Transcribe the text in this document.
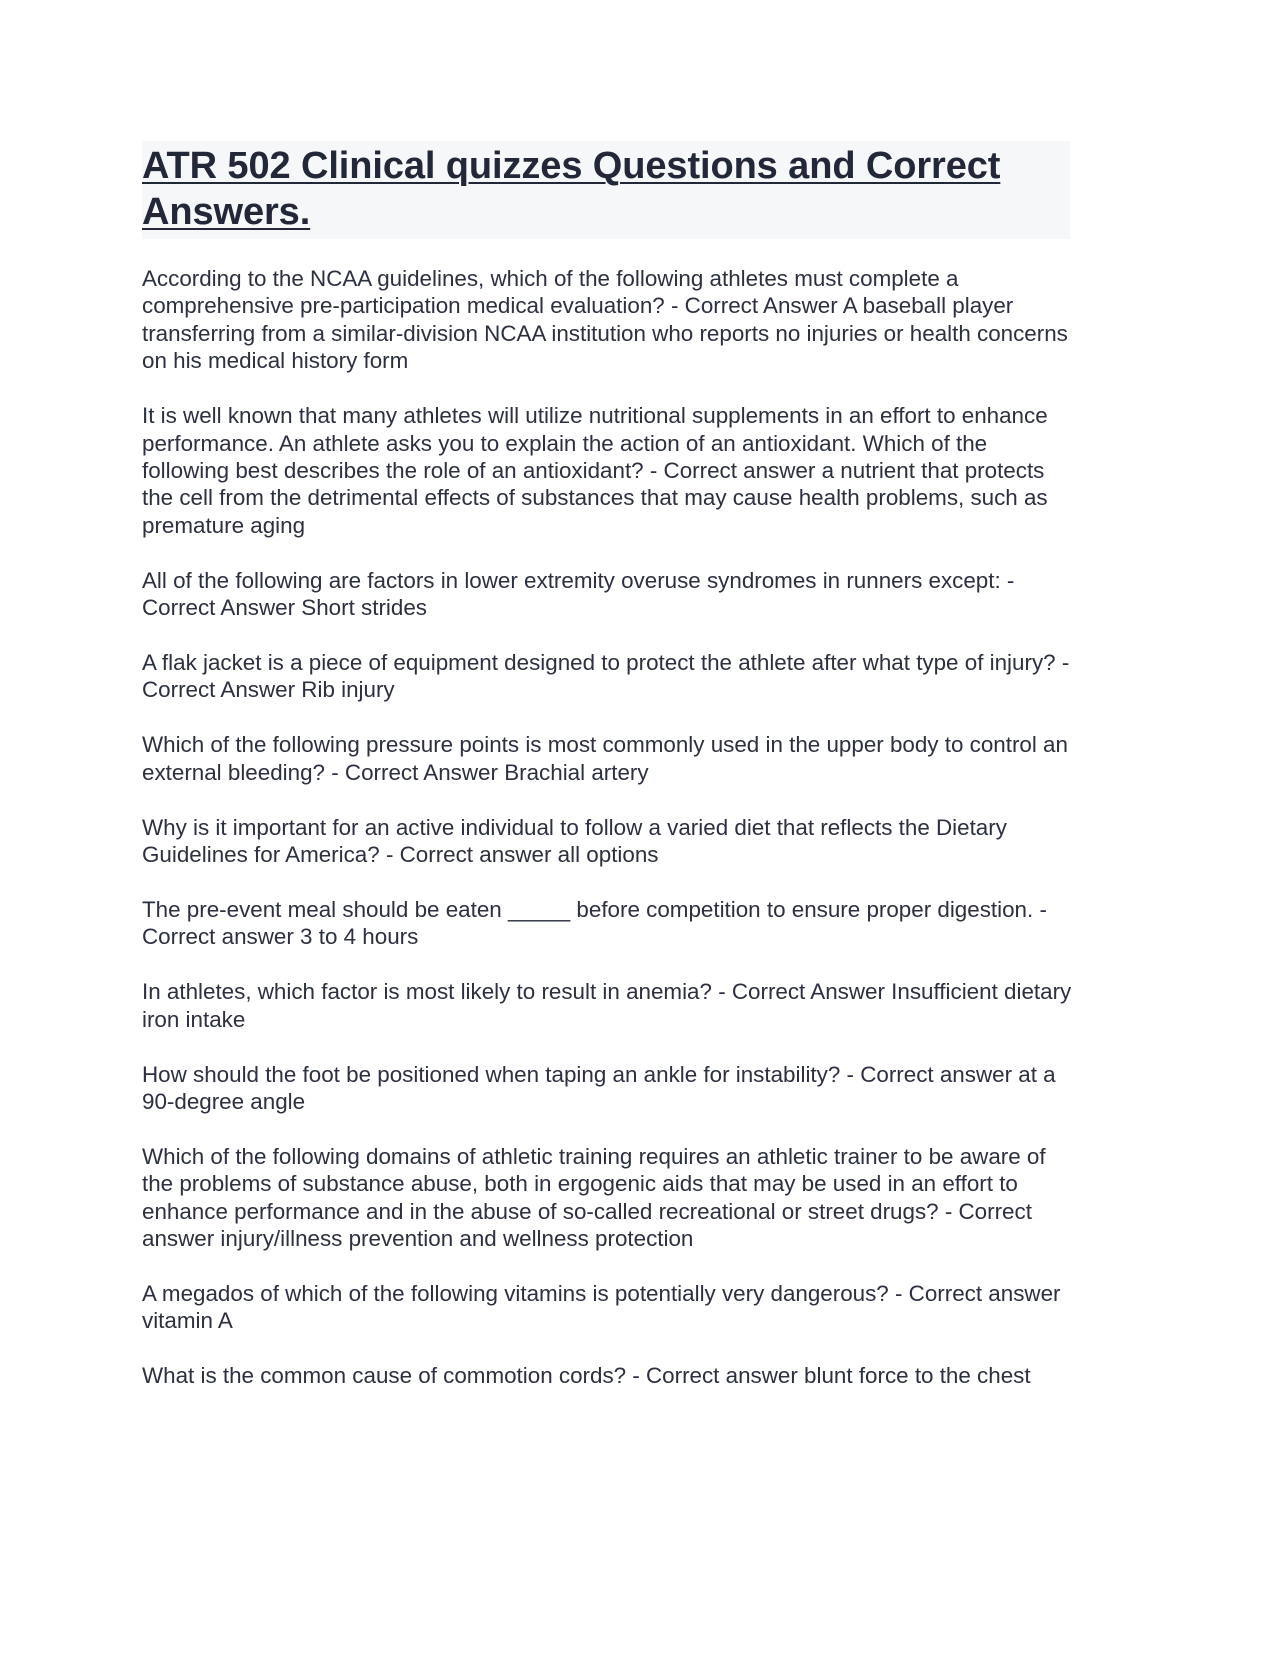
ATR 502 Clinical quizzes Questions and Correct Answers.

According to the NCAA guidelines, which of the following athletes must complete a comprehensive pre-participation medical evaluation? - Correct Answer A baseball player transferring from a similar-division NCAA institution who reports no injuries or health concerns on his medical history form

It is well known that many athletes will utilize nutritional supplements in an effort to enhance performance. An athlete asks you to explain the action of an antioxidant. Which of the following best describes the role of an antioxidant? - Correct answer a nutrient that protects the cell from the detrimental effects of substances that may cause health problems, such as premature aging

All of the following are factors in lower extremity overuse syndromes in runners except: - Correct Answer Short strides

A flak jacket is a piece of equipment designed to protect the athlete after what type of injury? - Correct Answer Rib injury

Which of the following pressure points is most commonly used in the upper body to control an external bleeding? - Correct Answer Brachial artery

Why is it important for an active individual to follow a varied diet that reflects the Dietary Guidelines for America? - Correct answer all options

The pre-event meal should be eaten _____ before competition to ensure proper digestion. - Correct answer 3 to 4 hours

In athletes, which factor is most likely to result in anemia? - Correct Answer Insufficient dietary iron intake

How should the foot be positioned when taping an ankle for instability? - Correct answer at a 90-degree angle

Which of the following domains of athletic training requires an athletic trainer to be aware of the problems of substance abuse, both in ergogenic aids that may be used in an effort to enhance performance and in the abuse of so-called recreational or street drugs? - Correct answer injury/illness prevention and wellness protection

A megados of which of the following vitamins is potentially very dangerous? - Correct answer vitamin A

What is the common cause of commotion cords? - Correct answer blunt force to the chest
